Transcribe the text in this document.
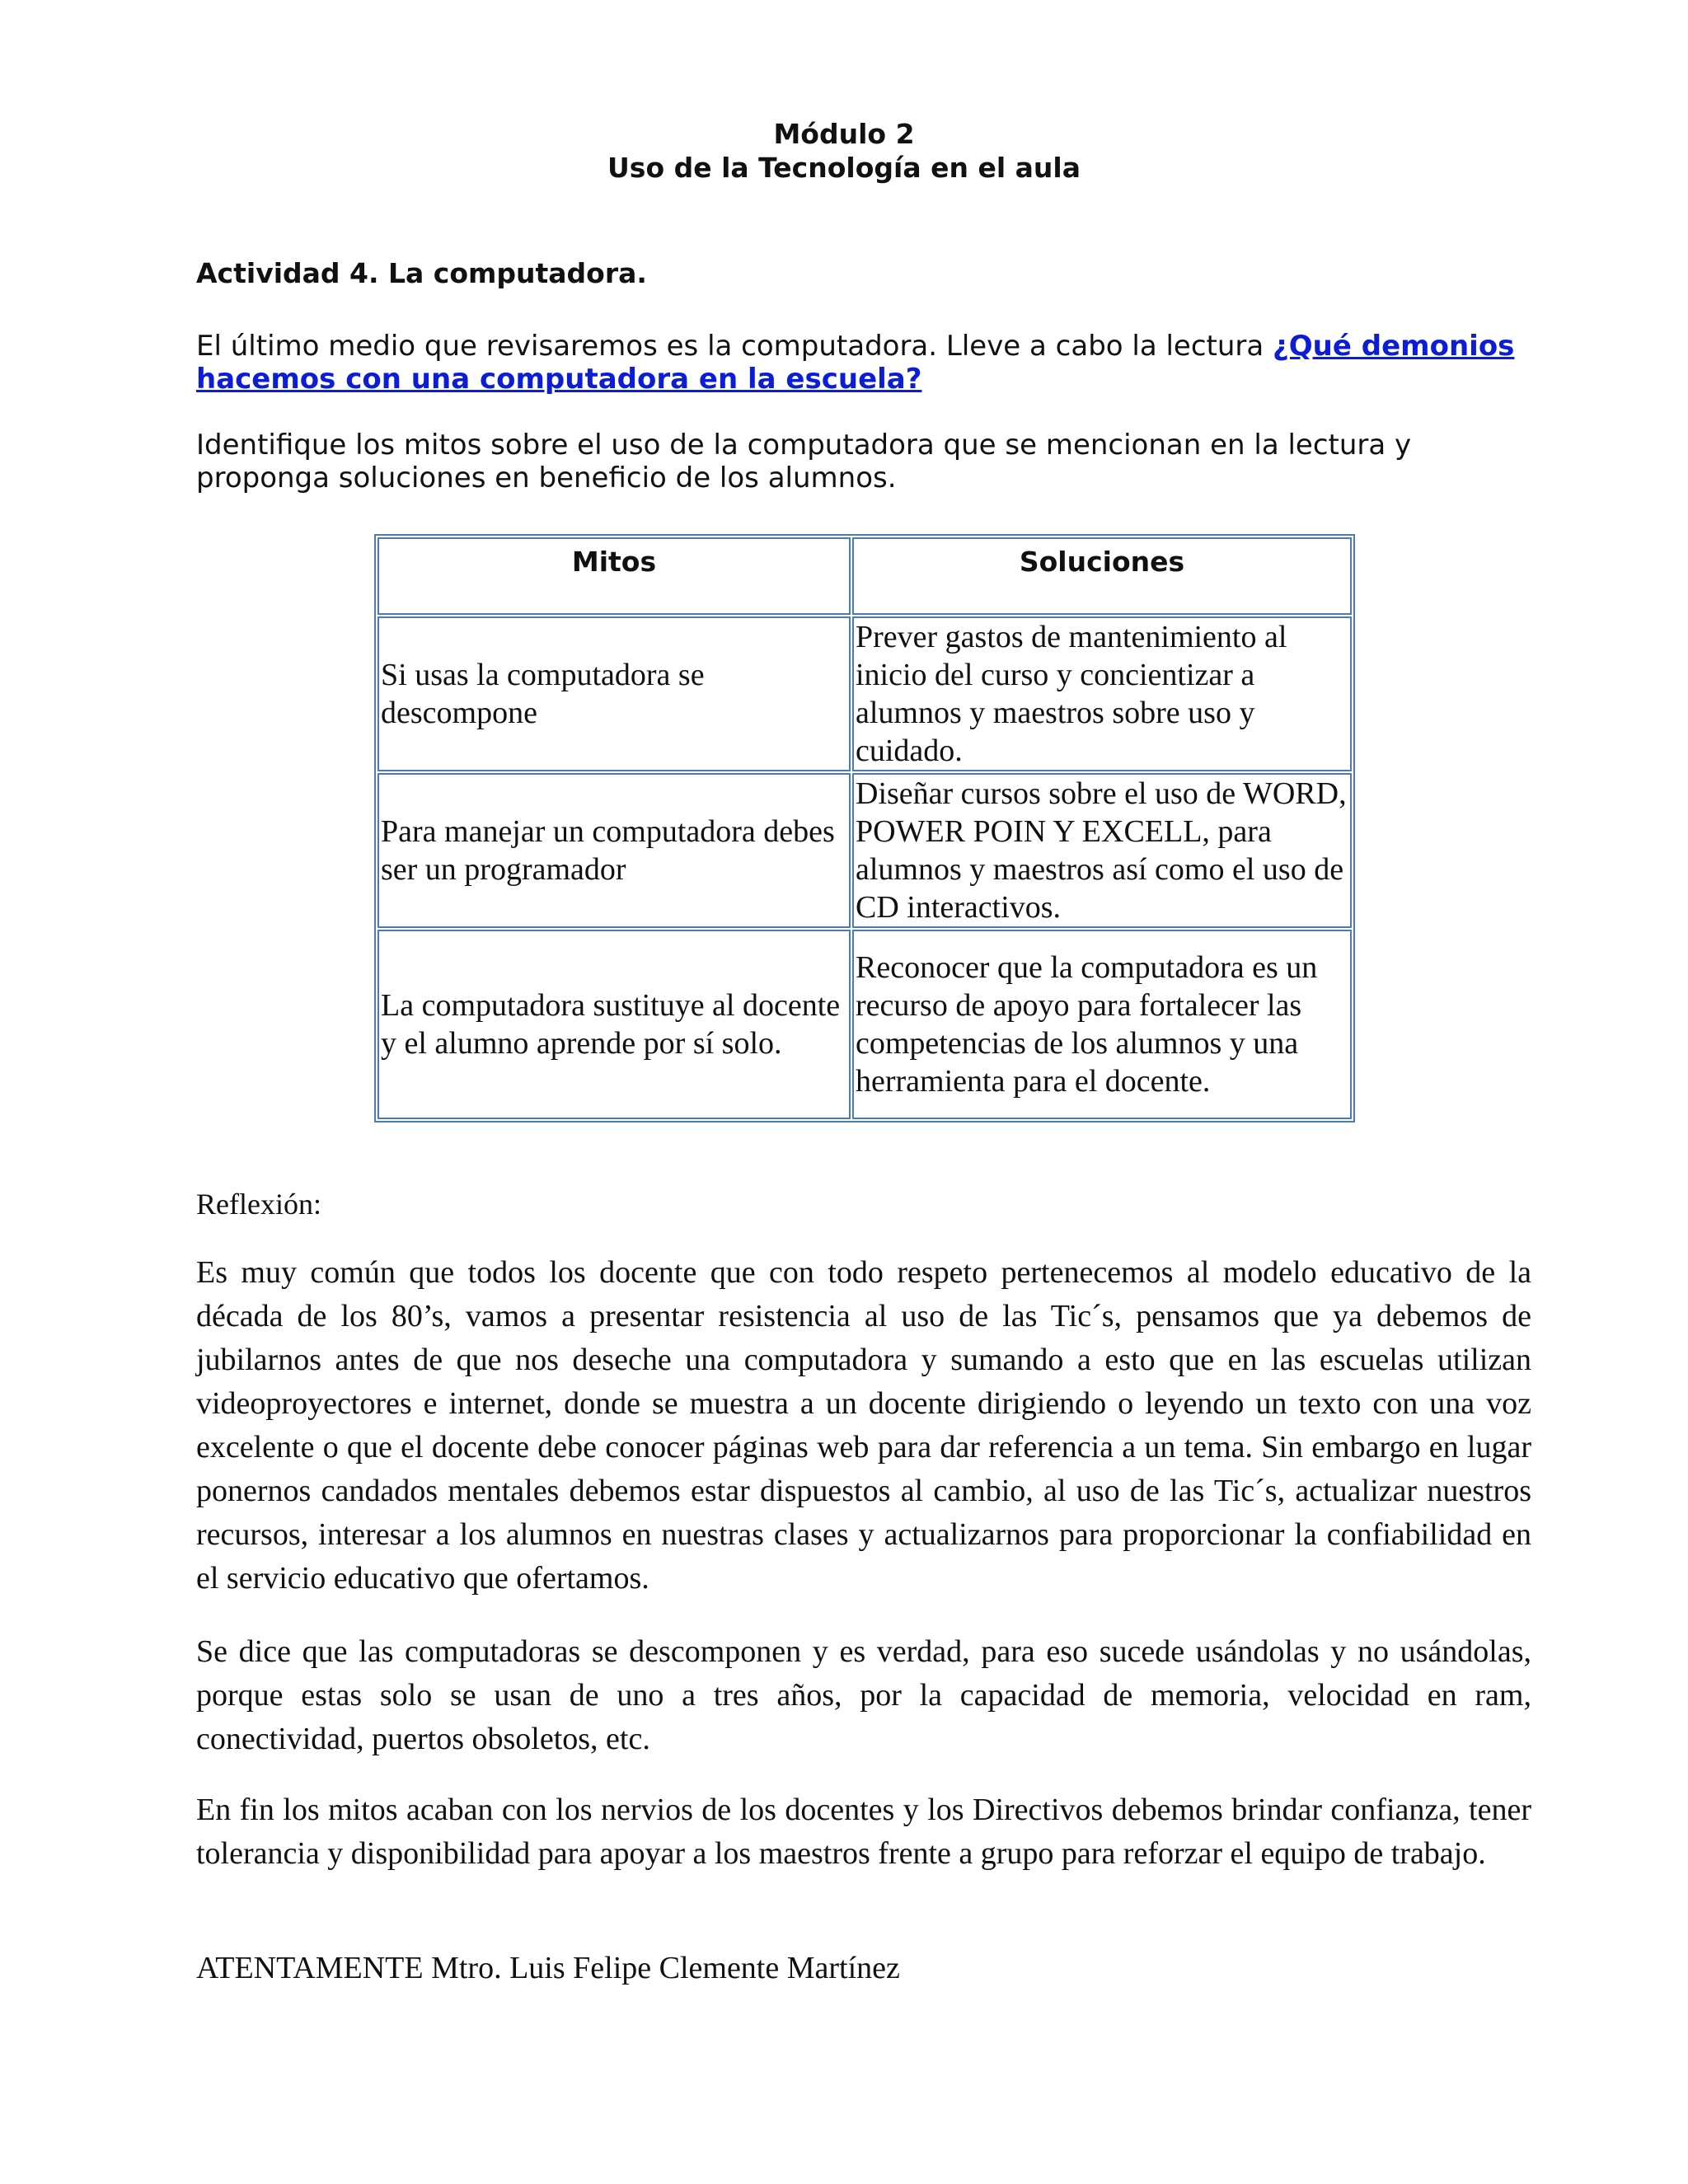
Módulo 2
Uso de la Tecnología en el aula
Actividad 4. La computadora.
El último medio que revisaremos es la computadora. Lleve a cabo la lectura ¿Qué demonios hacemos con una computadora en la escuela?
Identifique los mitos sobre el uso de la computadora que se mencionan en la lectura y proponga soluciones en beneficio de los alumnos.
Mitos	Soluciones
Si usas la computadora se descompone	Prever gastos de mantenimiento al inicio del curso y concientizar a alumnos y maestros sobre uso y cuidado.
Para manejar un computadora debes ser un programador	Diseñar cursos sobre el uso de WORD, POWER POIN Y EXCELL, para alumnos y maestros así como el uso de CD interactivos.
La computadora sustituye al docente y el alumno aprende por sí solo.	Reconocer que la computadora es un recurso de apoyo para fortalecer las competencias de los alumnos y una herramienta para el docente.
Reflexión:

Es muy común que todos los docente que con todo respeto pertenecemos al modelo educativo de la década de los 80’s, vamos a presentar resistencia al uso de las Tic´s, pensamos que ya debemos de jubilarnos antes de que nos deseche una computadora y sumando a esto que en las escuelas utilizan videoproyectores e internet, donde se muestra a un docente dirigiendo o leyendo un texto con una voz excelente o que el docente debe conocer páginas web para dar referencia a un tema. Sin embargo en lugar ponernos candados mentales debemos estar dispuestos al cambio, al uso de las Tic´s, actualizar nuestros recursos, interesar a los alumnos en nuestras clases y actualizarnos para proporcionar la confiabilidad en el servicio educativo que ofertamos.

Se dice que las computadoras se descomponen y es verdad, para eso sucede usándolas y no usándolas, porque estas solo se usan de uno a tres años, por la capacidad de memoria, velocidad en ram, conectividad, puertos obsoletos, etc.

En fin los mitos acaban con los nervios de los docentes y los Directivos debemos brindar confianza, tener tolerancia y disponibilidad para apoyar a los maestros frente a grupo para reforzar el equipo de trabajo.

ATENTAMENTE Mtro. Luis Felipe Clemente Martínez
